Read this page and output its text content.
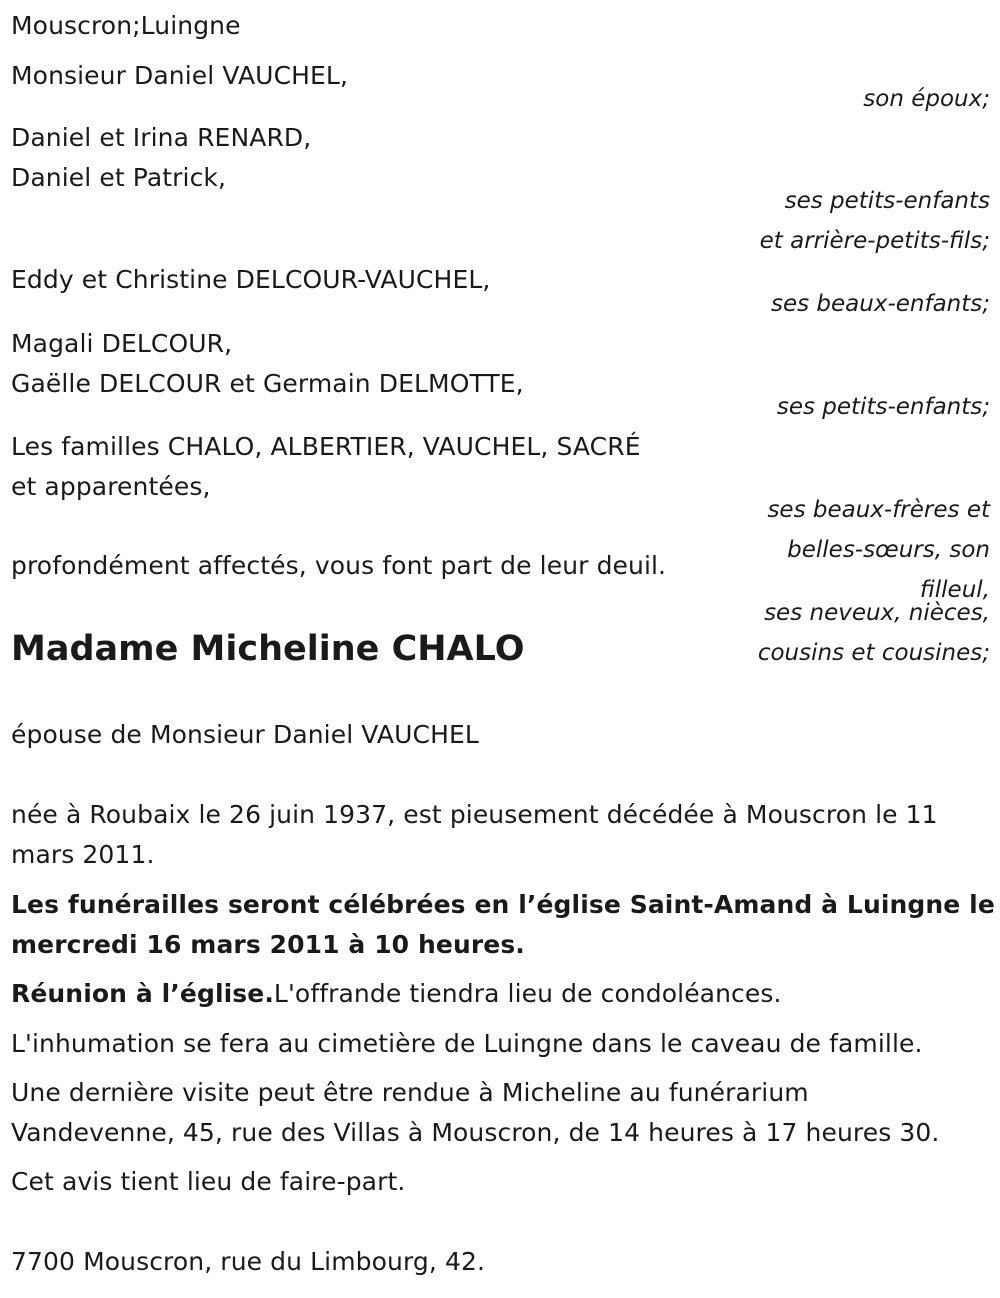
Mouscron;Luingne

Monsieur Daniel VAUCHEL,

son époux;

Daniel et Irina RENARD,

Daniel et Patrick,

ses petits-enfants

et arrière-petits-fils;

Eddy et Christine DELCOUR-VAUCHEL,

ses beaux-enfants;

Magali DELCOUR,

Gaëlle DELCOUR et Germain DELMOTTE,

ses petits-enfants;

Les familles CHALO, ALBERTIER, VAUCHEL, SACRÉ

et apparentées,

ses beaux-frères et

belles-sœurs, son

filleul,

ses neveux, nièces,

cousins et cousines;

profondément affectés, vous font part de leur deuil.

Madame Micheline CHALO

épouse de Monsieur Daniel VAUCHEL

née à Roubaix le 26 juin 1937, est pieusement décédée à Mouscron le 11

mars 2011.

Les funérailles seront célébrées en l’église Saint-Amand à Luingne le

mercredi 16 mars 2011 à 10 heures.

Réunion à l’église.L'offrande tiendra lieu de condoléances.

L'inhumation se fera au cimetière de Luingne dans le caveau de famille.

Une dernière visite peut être rendue à Micheline au funérarium

Vandevenne, 45, rue des Villas à Mouscron, de 14 heures à 17 heures 30.

Cet avis tient lieu de faire-part.

7700 Mouscron, rue du Limbourg, 42.
